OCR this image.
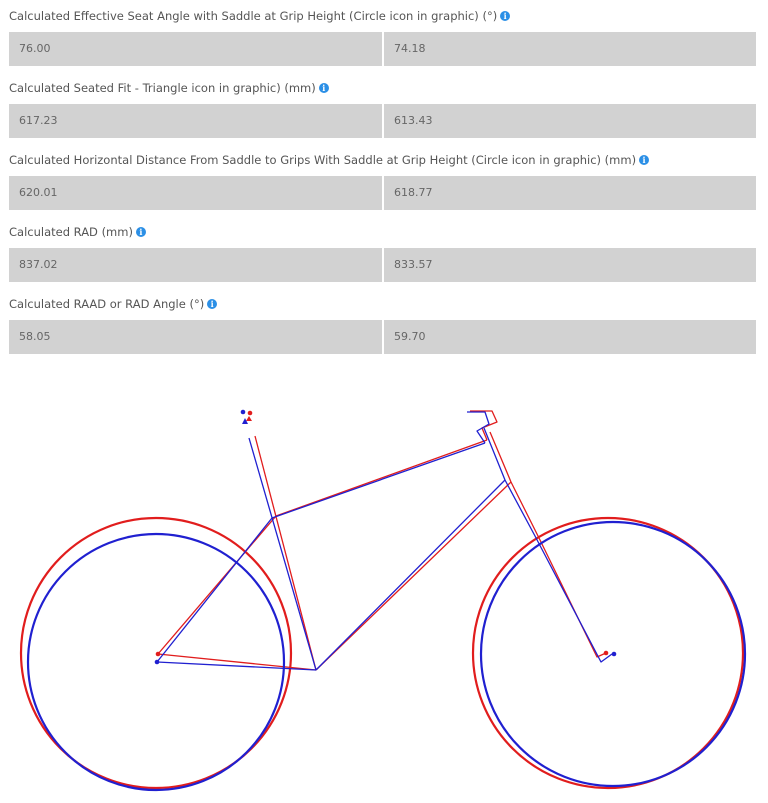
Calculated Effective Seat Angle with Saddle at Grip Height (Circle icon in graphic) (°) i
76.00	74.18
Calculated Seated Fit - Triangle icon in graphic) (mm) i
617.23	613.43
Calculated Horizontal Distance From Saddle to Grips With Saddle at Grip Height (Circle icon in graphic) (mm) i
620.01	618.77
Calculated RAD (mm) i
837.02	833.57
Calculated RAAD or RAD Angle (°) i
58.05	59.70
